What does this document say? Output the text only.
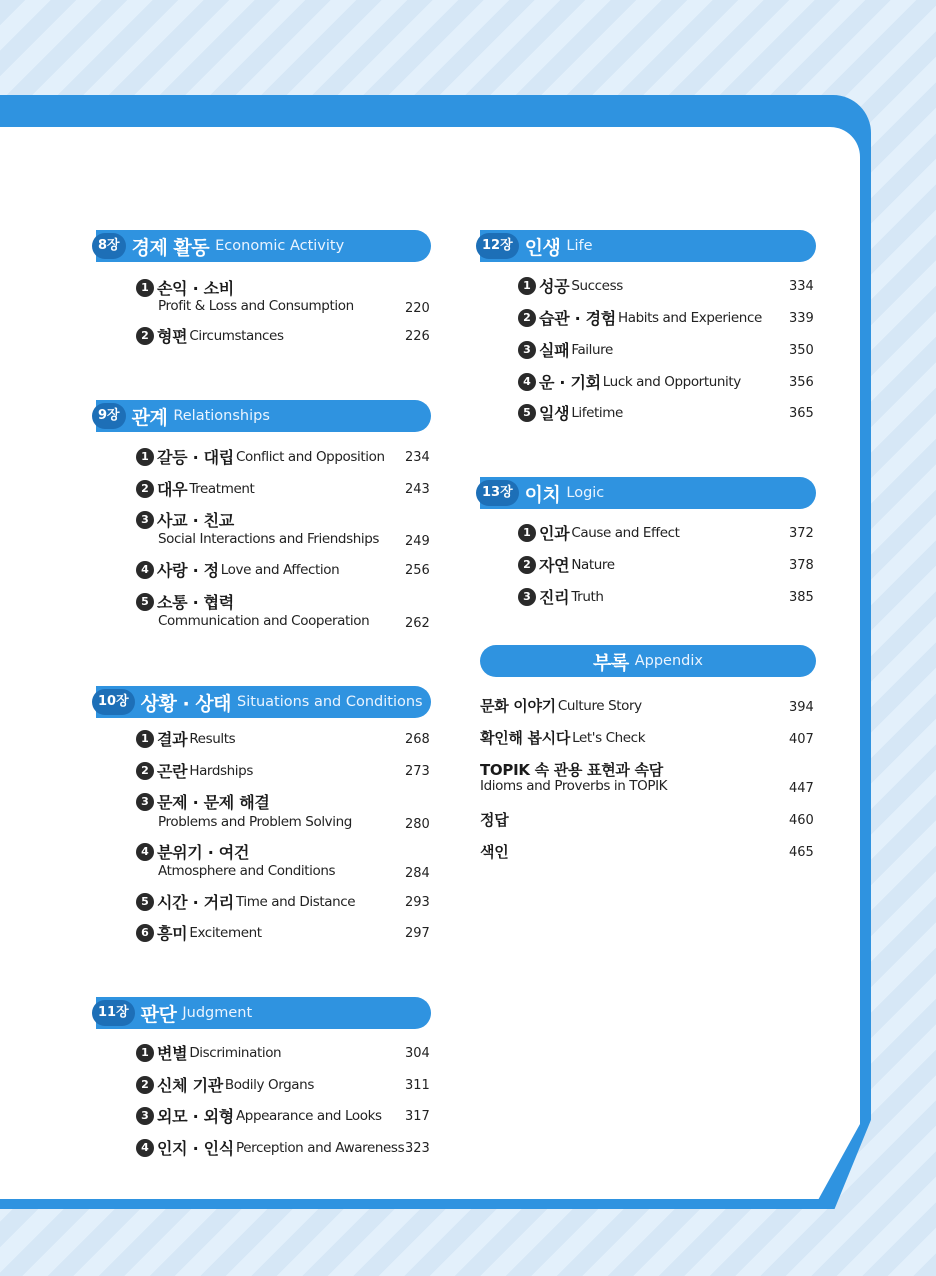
8장 경제 활동 Economic Activity
1 손익 · 소비
Profit & Loss and Consumption	220
2 형편 Circumstances	226
9장 관계 Relationships
1 갈등 · 대립 Conflict and Opposition 234
2 대우 Treatment	243
3 사교 · 친교
Social Interactions and Friendships 249
4 사랑 · 정 Love and Affection	256
5 소통 · 협력
Communication and Cooperation	262
10장 상황 · 상태 Situations and Conditions
1 결과 Results	268
2 곤란 Hardships	273
3 문제 · 문제 해결
Problems and Problem Solving	280
4 분위기 · 여건
Atmosphere and Conditions	284
5 시간 · 거리 Time and Distance	293
6 흥미 Excitement	297
11장 판단 Judgment
1 변별 Discrimination	304
2 신체 기관 Bodily Organs	311
3 외모 · 외형 Appearance and Looks 317
4 인지 · 인식 Perception and Awareness 323
12장 인생 Life
1 성공 Success	334
2 습관 · 경험 Habits and Experience 339
3 실패 Failure	350
4 운 · 기회 Luck and Opportunity	356
5 일생 Lifetime	365
13장 이치 Logic
1 인과 Cause and Effect	372
2 자연 Nature	378
3 진리 Truth	385
부록 Appendix
문화 이야기 Culture Story	394
확인해 봅시다 Let's Check	407
TOPIK 속 관용 표현과 속담
Idioms and Proverbs in TOPIK	447
정답	460
색인	465
